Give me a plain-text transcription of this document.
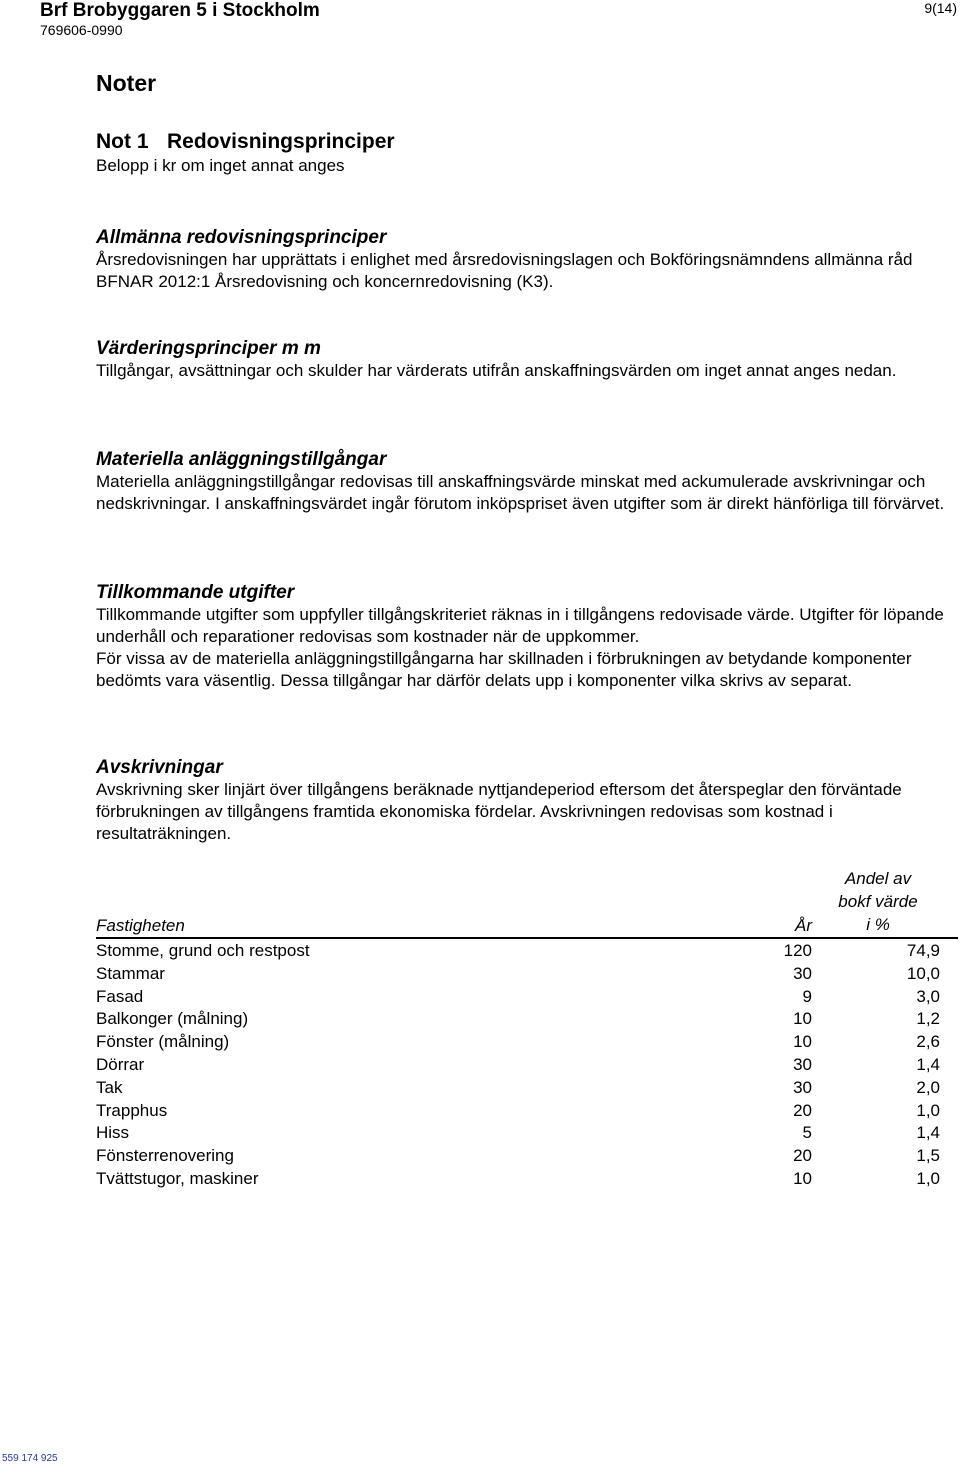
Brf Brobyggaren 5 i Stockholm
769606-0990
9(14)
Noter
Not 1 Redovisningsprinciper
Belopp i kr om inget annat anges
Allmänna redovisningsprinciper

Årsredovisningen har upprättats i enlighet med årsredovisningslagen och Bokföringsnämndens allmänna råd BFNAR 2012:1 Årsredovisning och koncernredovisning (K3).

Värderingsprinciper m m

Tillgångar, avsättningar och skulder har värderats utifrån anskaffningsvärden om inget annat anges nedan.

Materiella anläggningstillgångar

Materiella anläggningstillgångar redovisas till anskaffningsvärde minskat med ackumulerade avskrivningar och nedskrivningar. I anskaffningsvärdet ingår förutom inköpspriset även utgifter som är direkt hänförliga till förvärvet.

Tillkommande utgifter

Tillkommande utgifter som uppfyller tillgångskriteriet räknas in i tillgångens redovisade värde. Utgifter för löpande underhåll och reparationer redovisas som kostnader när de uppkommer.

För vissa av de materiella anläggningstillgångarna har skillnaden i förbrukningen av betydande komponenter bedömts vara väsentlig. Dessa tillgångar har därför delats upp i komponenter vilka skrivs av separat.

Avskrivningar

Avskrivning sker linjärt över tillgångens beräknade nyttjandeperiod eftersom det återspeglar den förväntade förbrukningen av tillgångens framtida ekonomiska fördelar. Avskrivningen redovisas som kostnad i resultaträkningen.

Fastigheten	År
Andel av
bokf värde
i %
Stomme, grund och restpost	120	74,9
Stammar	30	10,0
Fasad	9	3,0
Balkonger (målning)	10	1,2
Fönster (målning)	10	2,6
Dörrar	30	1,4
Tak	30	2,0
Trapphus	20	1,0
Hiss	5	1,4
Fönsterrenovering	20	1,5
Tvättstugor, maskiner	10	1,0
559 174 925
